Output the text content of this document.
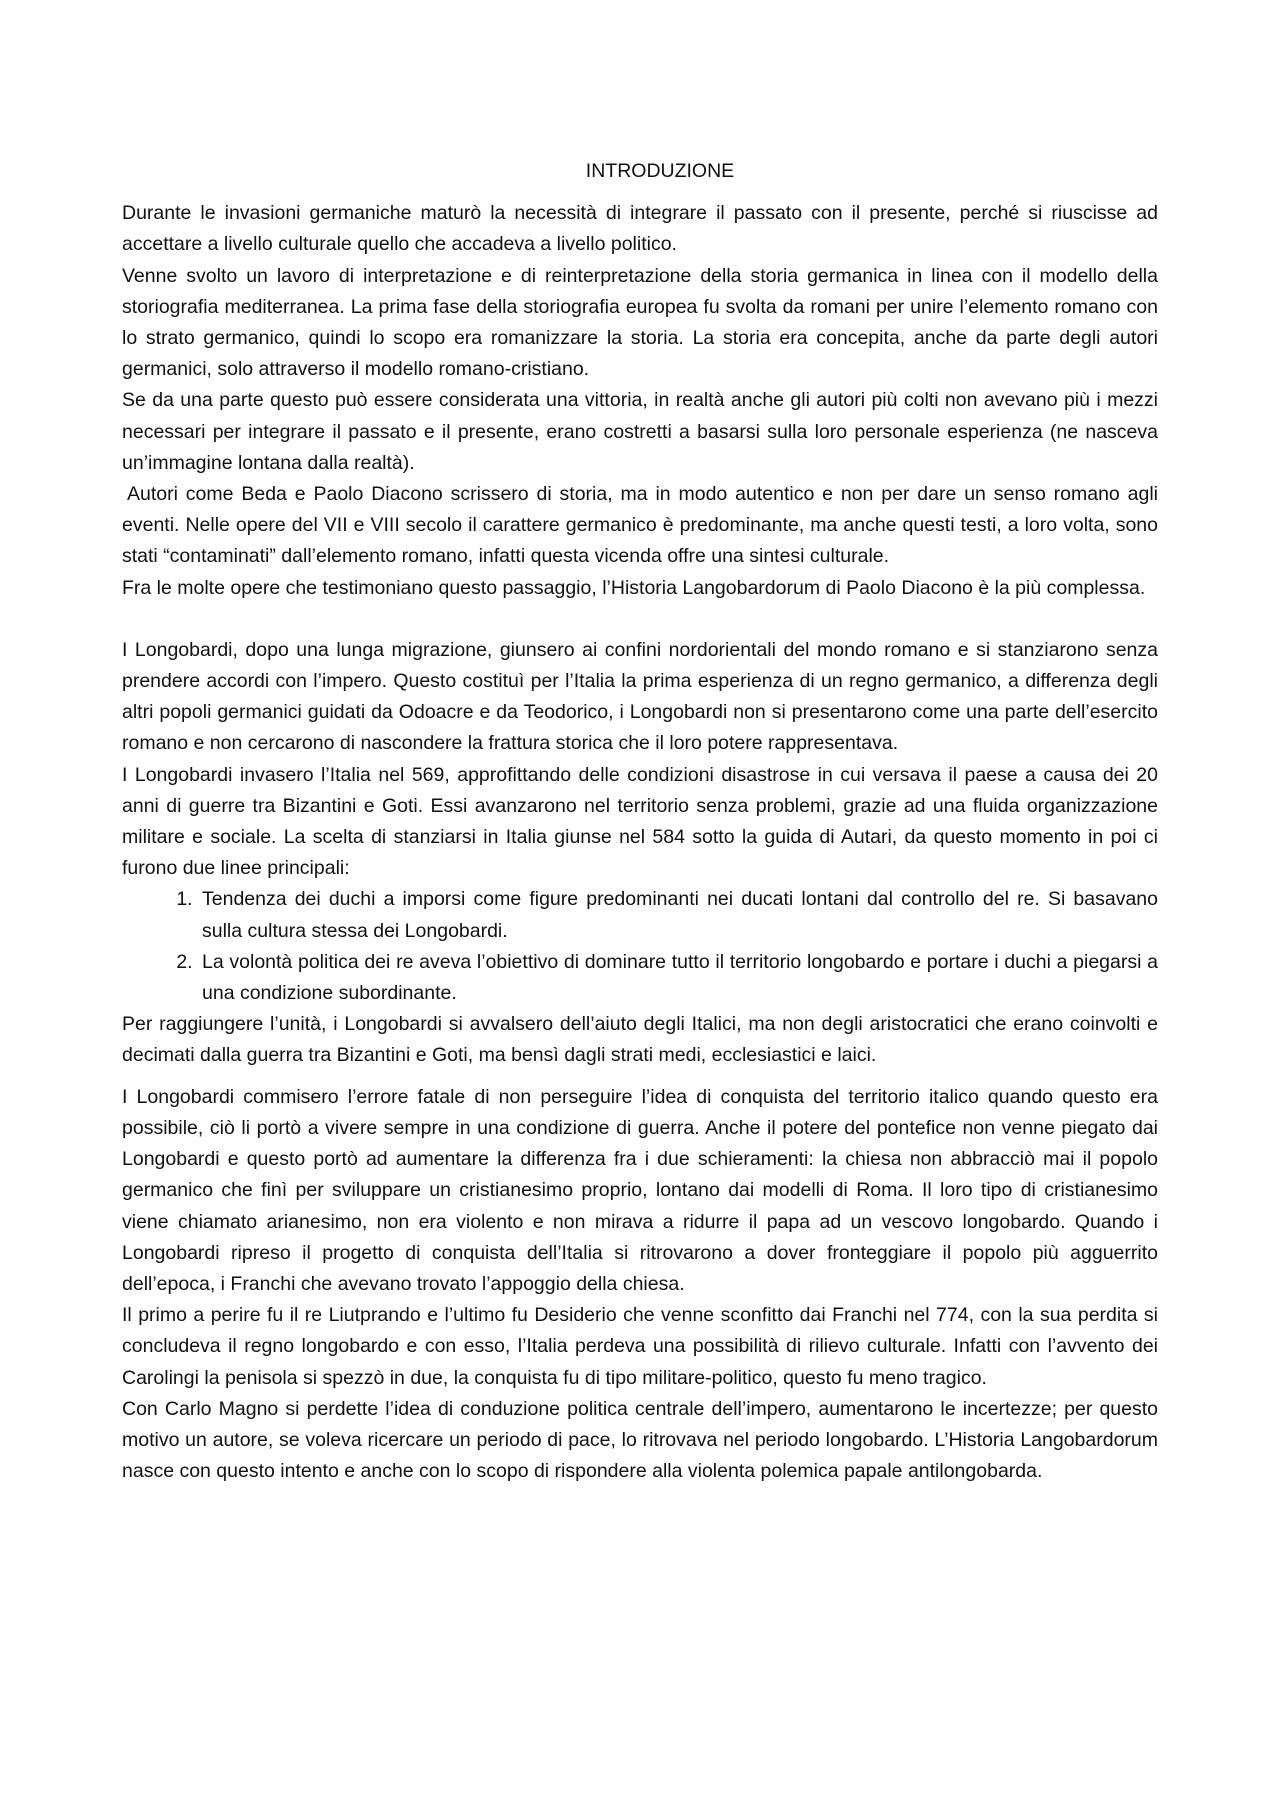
INTRODUZIONE

Durante le invasioni germaniche maturò la necessità di integrare il passato con il presente, perché si riuscisse ad accettare a livello culturale quello che accadeva a livello politico.

Venne svolto un lavoro di interpretazione e di reinterpretazione della storia germanica in linea con il modello della storiografia mediterranea. La prima fase della storiografia europea fu svolta da romani per unire l’elemento romano con lo strato germanico, quindi lo scopo era romanizzare la storia. La storia era concepita, anche da parte degli autori germanici, solo attraverso il modello romano-cristiano.

Se da una parte questo può essere considerata una vittoria, in realtà anche gli autori più colti non avevano più i mezzi necessari per integrare il passato e il presente, erano costretti a basarsi sulla loro personale esperienza (ne nasceva un’immagine lontana dalla realtà).

Autori come Beda e Paolo Diacono scrissero di storia, ma in modo autentico e non per dare un senso romano agli eventi. Nelle opere del VII e VIII secolo il carattere germanico è predominante, ma anche questi testi, a loro volta, sono stati “contaminati” dall’elemento romano, infatti questa vicenda offre una sintesi culturale.

Fra le molte opere che testimoniano questo passaggio, l’Historia Langobardorum di Paolo Diacono è la più complessa.

I Longobardi, dopo una lunga migrazione, giunsero ai confini nordorientali del mondo romano e si stanziarono senza prendere accordi con l’impero. Questo costituì per l’Italia la prima esperienza di un regno germanico, a differenza degli altri popoli germanici guidati da Odoacre e da Teodorico, i Longobardi non si presentarono come una parte dell’esercito romano e non cercarono di nascondere la frattura storica che il loro potere rappresentava.

I Longobardi invasero l’Italia nel 569, approfittando delle condizioni disastrose in cui versava il paese a causa dei 20 anni di guerre tra Bizantini e Goti. Essi avanzarono nel territorio senza problemi, grazie ad una fluida organizzazione militare e sociale. La scelta di stanziarsi in Italia giunse nel 584 sotto la guida di Autari, da questo momento in poi ci furono due linee principali:

1. Tendenza dei duchi a imporsi come figure predominanti nei ducati lontani dal controllo del re. Si basavano sulla cultura stessa dei Longobardi.
2. La volontà politica dei re aveva l’obiettivo di dominare tutto il territorio longobardo e portare i duchi a piegarsi a una condizione subordinante.

Per raggiungere l’unità, i Longobardi si avvalsero dell’aiuto degli Italici, ma non degli aristocratici che erano coinvolti e decimati dalla guerra tra Bizantini e Goti, ma bensì dagli strati medi, ecclesiastici e laici.

I Longobardi commisero l’errore fatale di non perseguire l’idea di conquista del territorio italico quando questo era possibile, ciò li portò a vivere sempre in una condizione di guerra. Anche il potere del pontefice non venne piegato dai Longobardi e questo portò ad aumentare la differenza fra i due schieramenti: la chiesa non abbracciò mai il popolo germanico che finì per sviluppare un cristianesimo proprio, lontano dai modelli di Roma. Il loro tipo di cristianesimo viene chiamato arianesimo, non era violento e non mirava a ridurre il papa ad un vescovo longobardo. Quando i Longobardi ripreso il progetto di conquista dell’Italia si ritrovarono a dover fronteggiare il popolo più agguerrito dell’epoca, i Franchi che avevano trovato l’appoggio della chiesa.

Il primo a perire fu il re Liutprando e l’ultimo fu Desiderio che venne sconfitto dai Franchi nel 774, con la sua perdita si concludeva il regno longobardo e con esso, l’Italia perdeva una possibilità di rilievo culturale. Infatti con l’avvento dei Carolingi la penisola si spezzò in due, la conquista fu di tipo militare-politico, questo fu meno tragico.

Con Carlo Magno si perdette l’idea di conduzione politica centrale dell’impero, aumentarono le incertezze; per questo motivo un autore, se voleva ricercare un periodo di pace, lo ritrovava nel periodo longobardo. L’Historia Langobardorum nasce con questo intento e anche con lo scopo di rispondere alla violenta polemica papale antilongobarda.
